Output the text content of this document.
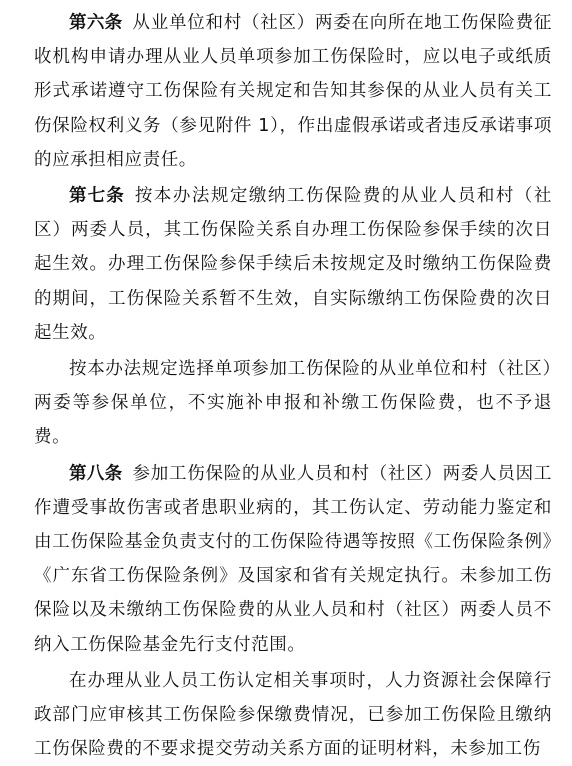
第六条 从业单位和村（社区）两委在向所在地工伤保险费征收机构申请办理从业人员单项参加工伤保险时，应以电子或纸质形式承诺遵守工伤保险有关规定和告知其参保的从业人员有关工伤保险权利义务（参见附件 1），作出虚假承诺或者违反承诺事项的应承担相应责任。

第七条 按本办法规定缴纳工伤保险费的从业人员和村（社区）两委人员，其工伤保险关系自办理工伤保险参保手续的次日起生效。办理工伤保险参保手续后未按规定及时缴纳工伤保险费的期间，工伤保险关系暂不生效，自实际缴纳工伤保险费的次日起生效。

按本办法规定选择单项参加工伤保险的从业单位和村（社区）两委等参保单位，不实施补申报和补缴工伤保险费，也不予退费。

第八条 参加工伤保险的从业人员和村（社区）两委人员因工作遭受事故伤害或者患职业病的，其工伤认定、劳动能力鉴定和由工伤保险基金负责支付的工伤保险待遇等按照《工伤保险条例》《广东省工伤保险条例》及国家和省有关规定执行。未参加工伤保险以及未缴纳工伤保险费的从业人员和村（社区）两委人员不纳入工伤保险基金先行支付范围。

在办理从业人员工伤认定相关事项时，人力资源社会保障行政部门应审核其工伤保险参保缴费情况，已参加工伤保险且缴纳工伤保险费的不要求提交劳动关系方面的证明材料，未参加工伤
